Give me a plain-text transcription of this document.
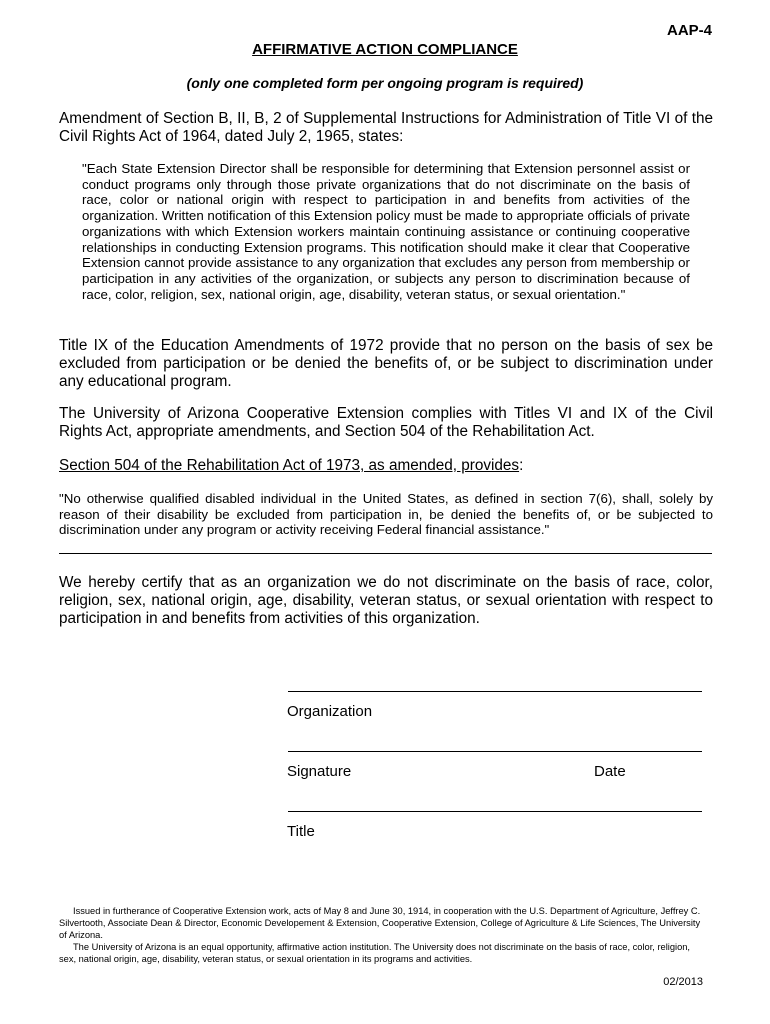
AAP-4
AFFIRMATIVE ACTION COMPLIANCE
(only one completed form per ongoing program is required)
Amendment of Section B, II, B, 2 of Supplemental Instructions for Administration of Title VI of the Civil Rights Act of 1964, dated July 2, 1965, states:
"Each State Extension Director shall be responsible for determining that Extension personnel assist or conduct programs only through those private organizations that do not discriminate on the basis of race, color or national origin with respect to participation in and benefits from activities of the organization. Written notification of this Extension policy must be made to appropriate officials of private organizations with which Extension workers maintain continuing assistance or continuing cooperative relationships in conducting Extension programs. This notification should make it clear that Cooperative Extension cannot provide assistance to any organization that excludes any person from membership or participation in any activities of the organization, or subjects any person to discrimination because of race, color, religion, sex, national origin, age, disability, veteran status, or sexual orientation."
Title IX of the Education Amendments of 1972 provide that no person on the basis of sex be excluded from participation or be denied the benefits of, or be subject to discrimination under any educational program.
The University of Arizona Cooperative Extension complies with Titles VI and IX of the Civil Rights Act, appropriate amendments, and Section 504 of the Rehabilitation Act.
Section 504 of the Rehabilitation Act of 1973, as amended, provides:
"No otherwise qualified disabled individual in the United States, as defined in section 7(6), shall, solely by reason of their disability be excluded from participation in, be denied the benefits of, or be subjected to discrimination under any program or activity receiving Federal financial assistance."
We hereby certify that as an organization we do not discriminate on the basis of race, color, religion, sex, national origin, age, disability, veteran status, or sexual orientation with respect to participation in and benefits from activities of this organization.
Organization
Signature	Date
Title
Issued in furtherance of Cooperative Extension work, acts of May 8 and June 30, 1914, in cooperation with the U.S. Department of Agriculture, Jeffrey C. Silvertooth, Associate Dean & Director, Economic Developement & Extension, Cooperative Extension, College of Agriculture & Life Sciences, The University of Arizona.
The University of Arizona is an equal opportunity, affirmative action institution. The University does not discriminate on the basis of race, color, religion, sex, national origin, age, disability, veteran status, or sexual orientation in its programs and activities.
02/2013
